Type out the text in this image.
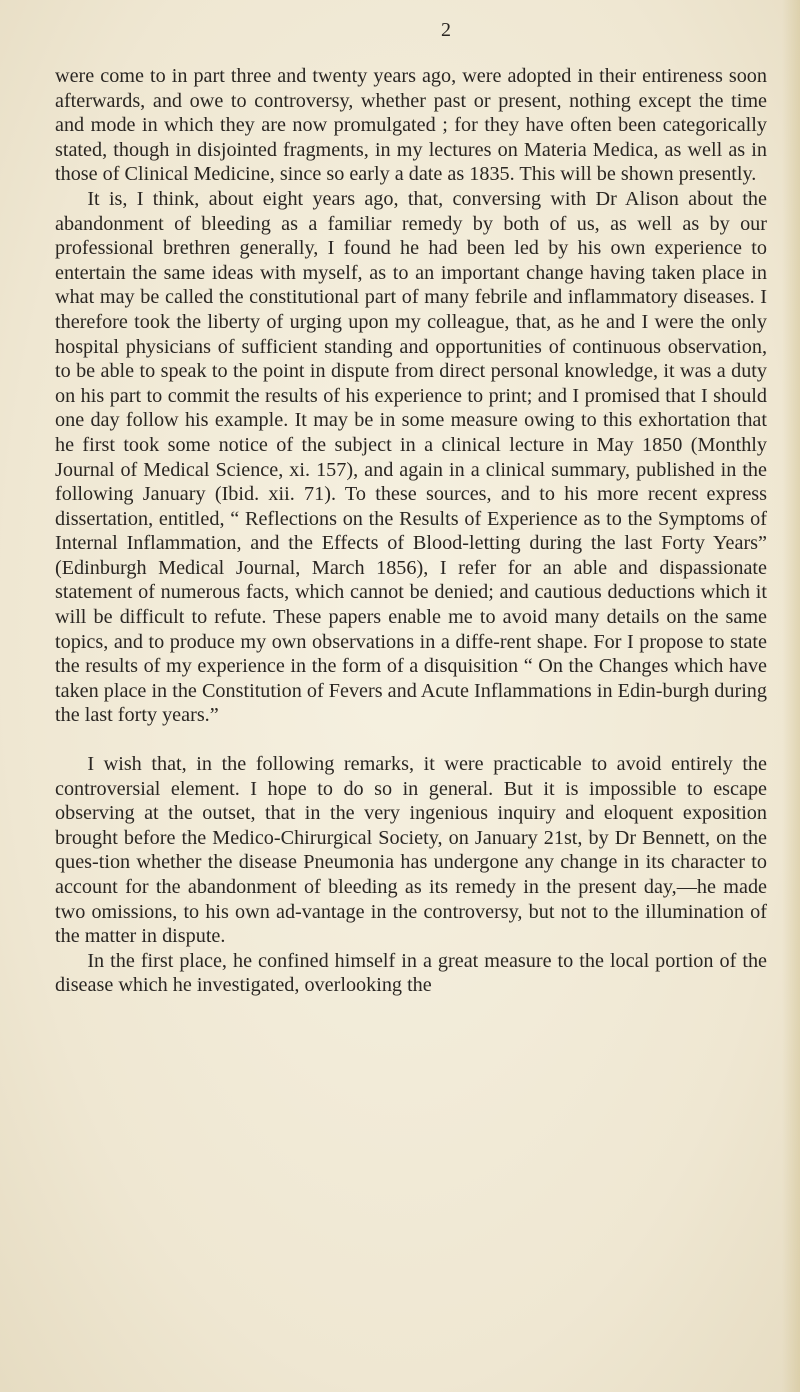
2

were come to in part three and twenty years ago, were adopted in their entireness soon afterwards, and owe to controversy, whether past or present, nothing except the time and mode in which they are now promulgated ; for they have often been categorically stated, though in disjointed fragments, in my lectures on Materia Medica, as well as in those of Clinical Medicine, since so early a date as 1835. This will be shown presently.

It is, I think, about eight years ago, that, conversing with Dr Alison about the abandonment of bleeding as a familiar remedy by both of us, as well as by our professional brethren generally, I found he had been led by his own experience to entertain the same ideas with myself, as to an important change having taken place in what may be called the constitutional part of many febrile and inflammatory diseases. I therefore took the liberty of urging upon my colleague, that, as he and I were the only hospital physicians of sufficient standing and opportunities of continuous observation, to be able to speak to the point in dispute from direct personal knowledge, it was a duty on his part to commit the results of his experience to print; and I promised that I should one day follow his example. It may be in some measure owing to this exhortation that he first took some notice of the subject in a clinical lecture in May 1850 (Monthly Journal of Medical Science, xi. 157), and again in a clinical summary, published in the following January (Ibid. xii. 71). To these sources, and to his more recent express dissertation, entitled, “ Reflections on the Results of Experience as to the Symptoms of Internal Inflammation, and the Effects of Blood-letting during the last Forty Years” (Edinburgh Medical Journal, March 1856), I refer for an able and dispassionate statement of numerous facts, which cannot be denied; and cautious deductions which it will be difficult to refute. These papers enable me to avoid many details on the same topics, and to produce my own observations in a diffe-rent shape. For I propose to state the results of my experience in the form of a disquisition “ On the Changes which have taken place in the Constitution of Fevers and Acute Inflammations in Edin-burgh during the last forty years.”

I wish that, in the following remarks, it were practicable to avoid entirely the controversial element. I hope to do so in general. But it is impossible to escape observing at the outset, that in the very ingenious inquiry and eloquent exposition brought before the Medico-Chirurgical Society, on January 21st, by Dr Bennett, on the ques-tion whether the disease Pneumonia has undergone any change in its character to account for the abandonment of bleeding as its remedy in the present day,—he made two omissions, to his own ad-vantage in the controversy, but not to the illumination of the matter in dispute.

In the first place, he confined himself in a great measure to the local portion of the disease which he investigated, overlooking the
